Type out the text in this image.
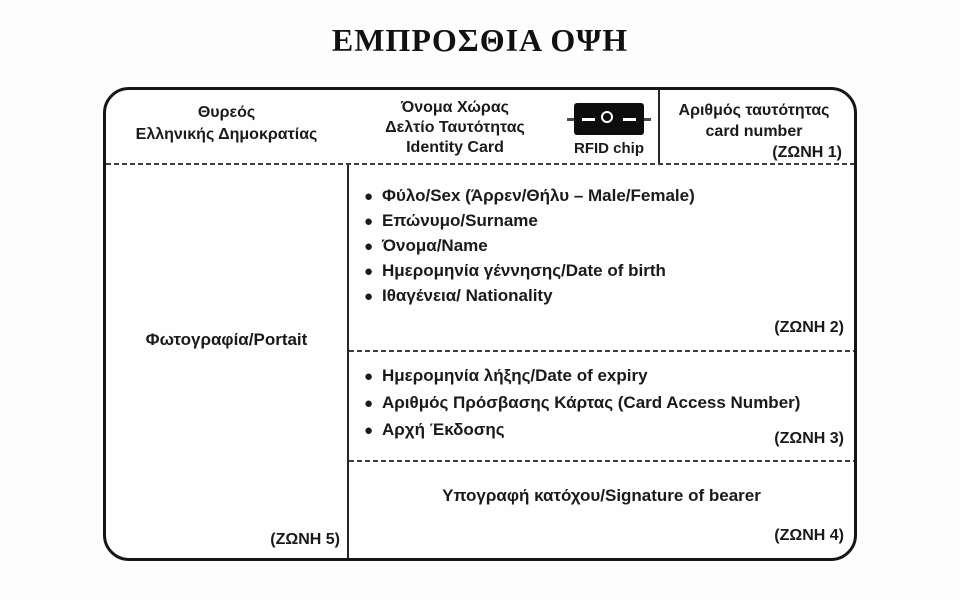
ΕΜΠΡΟΣΘΙΑ ΟΨΗ
Θυρεός
Ελληνικής Δημοκρατίας
Όνομα Χώρας
Δελτίο Ταυτότητας
Identity Card	RFID chip
Αριθμός ταυτότητας
card number
(ΖΩΝΗ 1)
Φωτογραφία/Portait
(ΖΩΝΗ 5)
● Φύλο/Sex (Άρρεν/Θήλυ – Male/Female)
● Επώνυμο/Surname
● Όνομα/Name
● Ημερομηνία γέννησης/Date of birth
● Ιθαγένεια/ Nationality
(ΖΩΝΗ 2)
● Ημερομηνία λήξης/Date of expiry
● Αριθμός Πρόσβασης Κάρτας (Card Access Number)
● Αρχή Έκδοσης	(ΖΩΝΗ 3)
Υπογραφή κατόχου/Signature of bearer
(ΖΩΝΗ 4)
